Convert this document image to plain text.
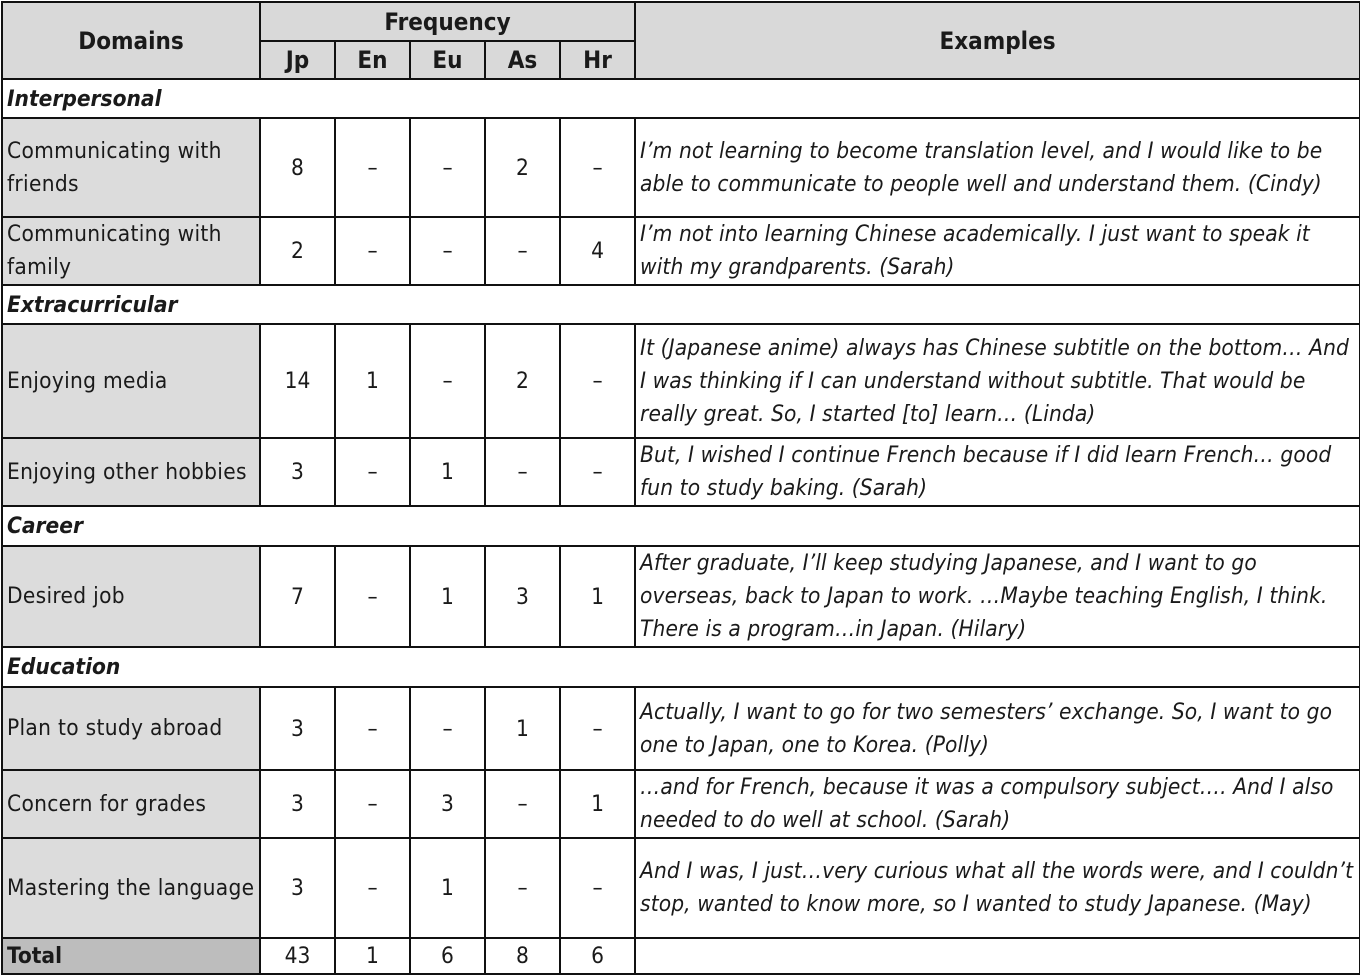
Domains	Frequency					Examples
	Jp	En	Eu	As	Hr	
Interpersonal						
Communicating with friends	8	–	–	2	–	I’m not learning to become translation level, and I would like to be able to communicate to people well and understand them. (Cindy)
Communicating with family	2	–	–	–	4	I’m not into learning Chinese academically. I just want to speak it with my grandparents. (Sarah)
Extracurricular						
Enjoying media	14	1	–	2	–	It (Japanese anime) always has Chinese subtitle on the bottom… And I was thinking if I can understand without subtitle. That would be really great. So, I started [to] learn… (Linda)
Enjoying other hobbies	3	–	1	–	–	But, I wished I continue French because if I did learn French… good fun to study baking. (Sarah)
Career						
Desired job	7	–	1	3	1	After graduate, I’ll keep studying Japanese, and I want to go overseas, back to Japan to work. …Maybe teaching English, I think. There is a program…in Japan. (Hilary)
Education						
Plan to study abroad	3	–	–	1	–	Actually, I want to go for two semesters’ exchange. So, I want to go one to Japan, one to Korea. (Polly)
Concern for grades	3	–	3	–	1	…and for French, because it was a compulsory subject…. And I also needed to do well at school. (Sarah)
Mastering the language	3	–	1	–	–	And I was, I just…very curious what all the words were, and I couldn’t stop, wanted to know more, so I wanted to study Japanese. (May)
Total	43	1	6	8	6	
